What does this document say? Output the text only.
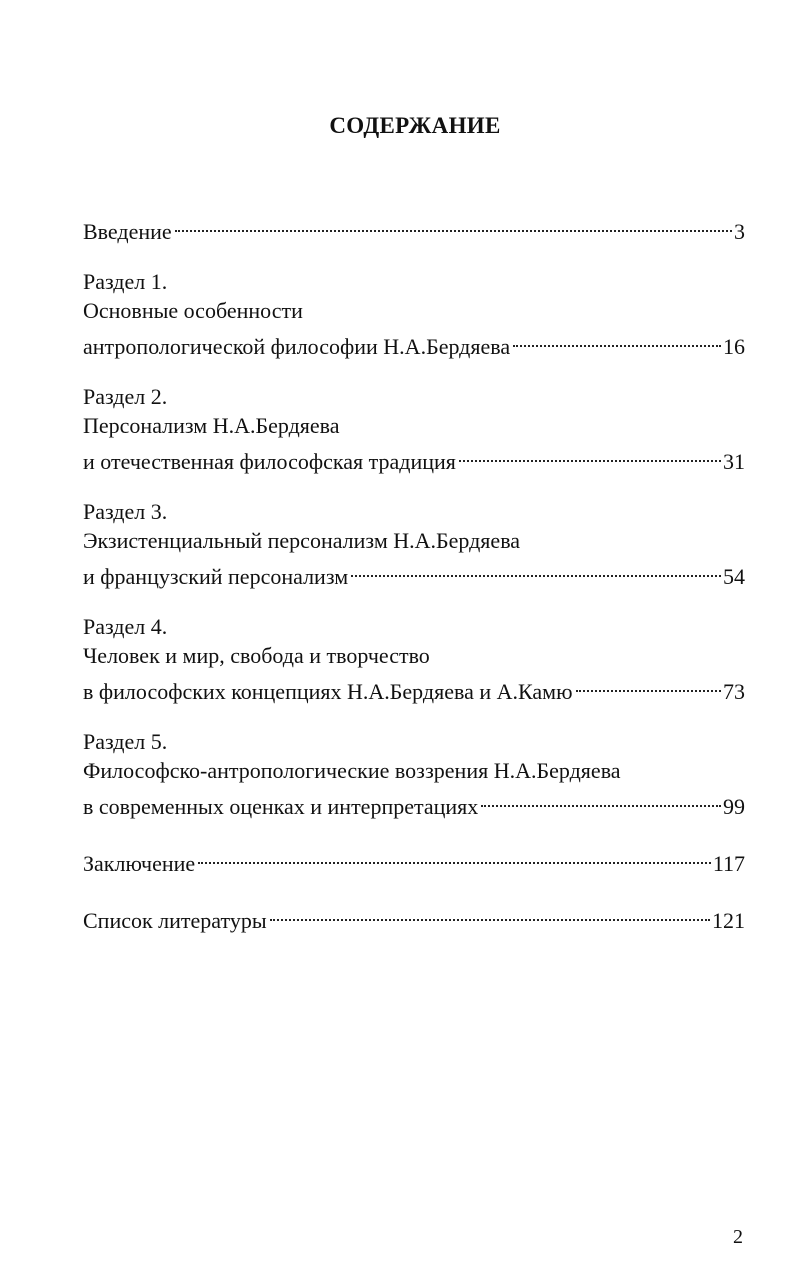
СОДЕРЖАНИЕ
Введение	3
Раздел 1.
Основные особенности
антропологической философии Н.А.Бердяева	16
Раздел 2.
Персонализм Н.А.Бердяева
и отечественная философская традиция	31
Раздел 3.
Экзистенциальный персонализм Н.А.Бердяева
и французский персонализм	54
Раздел 4.
Человек и мир, свобода и творчество
в философских концепциях Н.А.Бердяева и А.Камю	73
Раздел 5.
Философско-антропологические воззрения Н.А.Бердяева
в современных оценках и интерпретациях	99
Заключение	117
Список литературы	121
2
